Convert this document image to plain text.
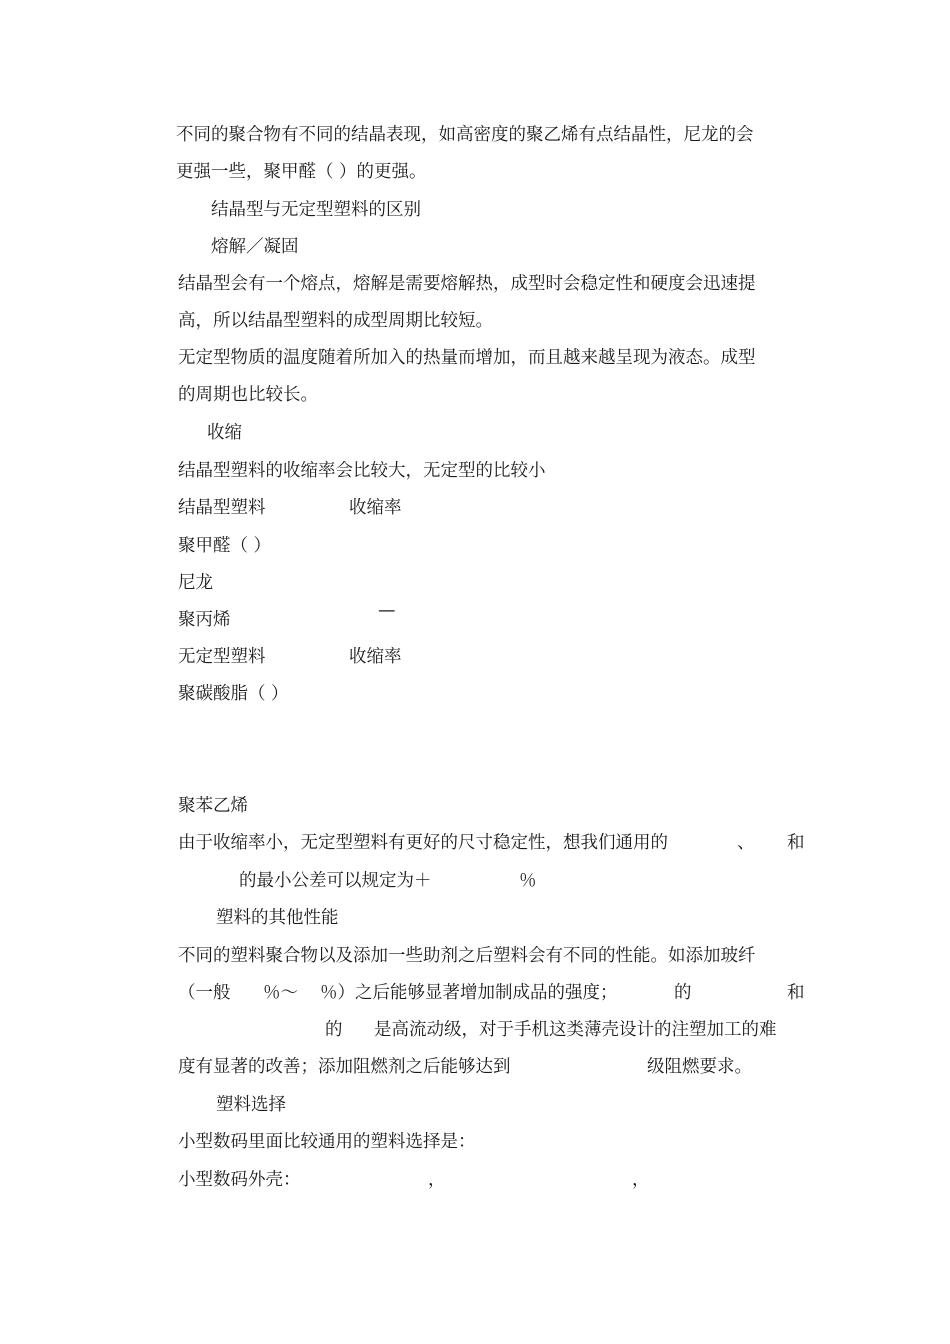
不同的聚合物有不同的结晶表现，如高密度的聚乙烯有点结晶性，尼龙的会
更强一些，聚甲醛（ ）的更强。
结晶型与无定型塑料的区别
熔解／凝固
结晶型会有一个熔点，熔解是需要熔解热，成型时会稳定性和硬度会迅速提
高，所以结晶型塑料的成型周期比较短。
无定型物质的温度随着所加入的热量而增加，而且越来越呈现为液态。成型
的周期也比较长。
收缩
结晶型塑料的收缩率会比较大，无定型的比较小
结晶型塑料	收缩率
聚甲醛（ ）
尼龙
聚丙烯	—
无定型塑料	收缩率
聚碳酸脂（ ）
聚苯乙烯
由于收缩率小，无定型塑料有更好的尺寸稳定性，想我们通用的	、 和
的最小公差可以规定为＋	％
塑料的其他性能
不同的塑料聚合物以及添加一些助剂之后塑料会有不同的性能。如添加玻纤
（一般 ％～ ％）之后能够显著增加制成品的强度；	的	和
的 是高流动级，对于手机这类薄壳设计的注塑加工的难
度有显著的改善；添加阻燃剂之后能够达到	级阻燃要求。
塑料选择
小型数码里面比较通用的塑料选择是：
小型数码外壳：	，	，
